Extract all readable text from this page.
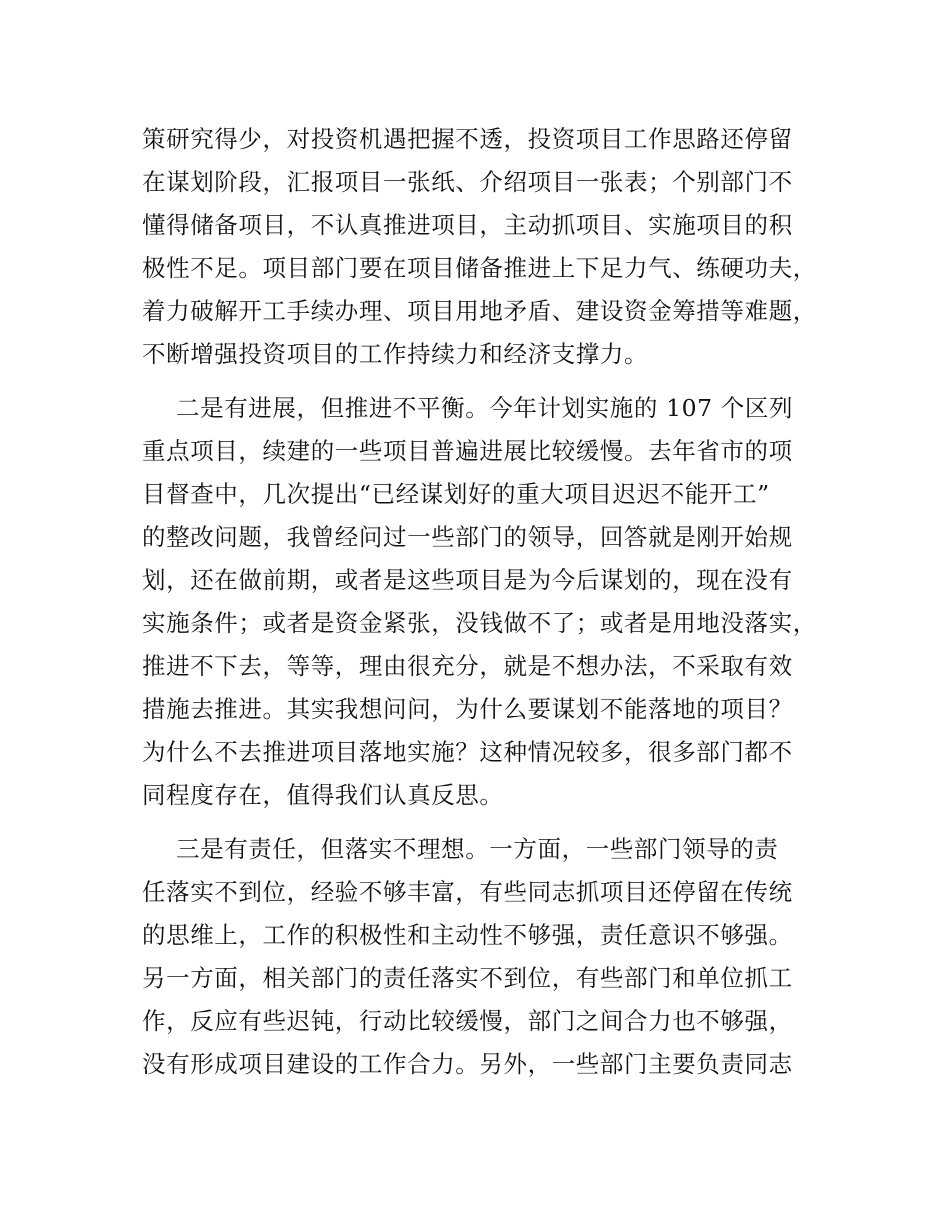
策研究得少，对投资机遇把握不透，投资项目工作思路还停留
在谋划阶段，汇报项目一张纸、介绍项目一张表；个别部门不
懂得储备项目，不认真推进项目，主动抓项目、实施项目的积
极性不足。项目部门要在项目储备推进上下足力气、练硬功夫，
着力破解开工手续办理、项目用地矛盾、建设资金筹措等难题，
不断增强投资项目的工作持续力和经济支撑力。
二是有进展，但推进不平衡。今年计划实施的 107 个区列
重点项目，续建的一些项目普遍进展比较缓慢。去年省市的项
目督查中，几次提出“已经谋划好的重大项目迟迟不能开工”
的整改问题，我曾经问过一些部门的领导，回答就是刚开始规
划，还在做前期，或者是这些项目是为今后谋划的，现在没有
实施条件；或者是资金紧张，没钱做不了；或者是用地没落实，
推进不下去，等等，理由很充分，就是不想办法，不采取有效
措施去推进。其实我想问问，为什么要谋划不能落地的项目？
为什么不去推进项目落地实施？这种情况较多，很多部门都不
同程度存在，值得我们认真反思。
三是有责任，但落实不理想。一方面，一些部门领导的责
任落实不到位，经验不够丰富，有些同志抓项目还停留在传统
的思维上，工作的积极性和主动性不够强，责任意识不够强。
另一方面，相关部门的责任落实不到位，有些部门和单位抓工
作，反应有些迟钝，行动比较缓慢，部门之间合力也不够强，
没有形成项目建设的工作合力。另外，一些部门主要负责同志
